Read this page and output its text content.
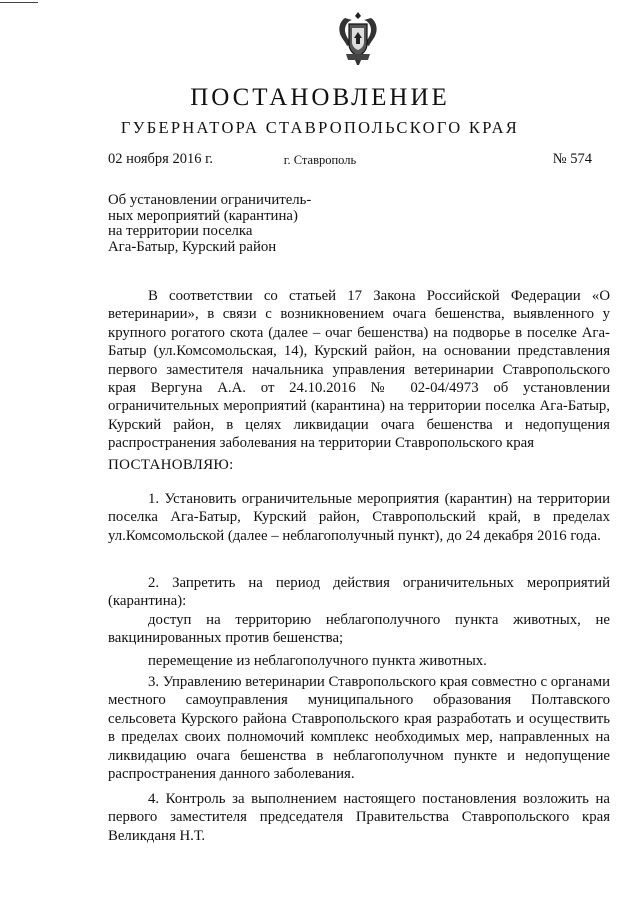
ПОСТАНОВЛЕНИЕ
ГУБЕРНАТОРА СТАВРОПОЛЬСКОГО КРАЯ
02 ноября 2016 г.	г. Ставрополь	№ 574
Об установлении ограничитель-
ных мероприятий (карантина)
на территории поселка
Ага-Батыр, Курский район

В соответствии со статьей 17 Закона Российской Федерации «О ветеринарии», в связи с возникновением очага бешенства, выявленного у крупного рогатого скота (далее – очаг бешенства) на подворье в поселке Ага-Батыр (ул.Комсомольская, 14), Курский район, на основании представления первого заместителя начальника управления ветеринарии Ставропольского края Вергуна А.А. от 24.10.2016 № 02-04/4973 об установлении ограничительных мероприятий (карантина) на территории поселка Ага-Батыр, Курский район, в целях ликвидации очага бешенства и недопущения распространения заболевания на территории Ставропольского края

ПОСТАНОВЛЯЮ:

1. Установить ограничительные мероприятия (карантин) на территории поселка Ага-Батыр, Курский район, Ставропольский край, в пределах ул.Комсомольской (далее – неблагополучный пункт), до 24 декабря 2016 года.

2. Запретить на период действия ограничительных мероприятий (карантина):

доступ на территорию неблагополучного пункта животных, не вакцинированных против бешенства;

перемещение из неблагополучного пункта животных.

3. Управлению ветеринарии Ставропольского края совместно с органами местного самоуправления муниципального образования Полтавского сельсовета Курского района Ставропольского края разработать и осуществить в пределах своих полномочий комплекс необходимых мер, направленных на ликвидацию очага бешенства в неблагополучном пункте и недопущение распространения данного заболевания.

4. Контроль за выполнением настоящего постановления возложить на первого заместителя председателя Правительства Ставропольского края Великданя Н.Т.
